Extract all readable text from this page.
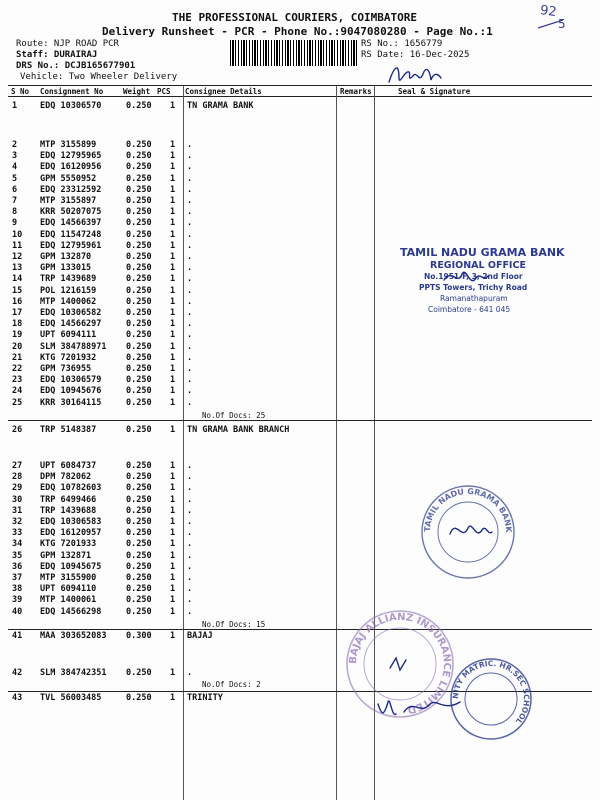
THE PROFESSIONAL COURIERS, COIMBATORE
Delivery Runsheet - PCR - Phone No.:9047080280 - Page No.:1
Route: NJP ROAD PCR
Staff: DURAIRAJ
DRS No.: DCJB165677901
Vehicle: Two Wheeler Delivery
RS No.: 1656779
RS Date: 16-Dec-2025
92
5
S No Consignment No	Weight PCS Consignee Details	Remarks	Seal & Signature
1	EDQ 10306570	0.250 1 TN GRAMA BANK
2	MTP 3155899	0.250 1 .
3	EDQ 12795965	0.250 1 .
4	EDQ 16120956	0.250 1 .
5	GPM 5550952	0.250 1 .
6	EDQ 23312592	0.250 1 .
7	MTP 3155897	0.250 1 .
8	KRR 50207075	0.250 1 .
9	EDQ 14566397	0.250 1 .
10 EDQ 11547248	0.250 1 .
11 EDQ 12795961	0.250 1 .
12 GPM 132870	0.250 1 .
13 GPM 133015	0.250 1 .
14 TRP 1439689	0.250 1 .
15 POL 1216159	0.250 1 .
16 MTP 1400062	0.250 1 .
17 EDQ 10306582	0.250 1 .
18 EDQ 14566297	0.250 1 .
19 UPT 6094111	0.250 1 .
20 SLM 384788971 0.250 1 .
21 KTG 7201932	0.250 1 .
22 GPM 736955	0.250 1 .
23 EDQ 10306579	0.250 1 .
24 EDQ 10945676	0.250 1 .
25 KRR 30164115	0.250 1 .
No.Of Docs: 25
26 TRP 5148387	0.250 1 TN GRAMA BANK BRANCH
27 UPT 6084737	0.250 1 .
28 DPM 782062	0.250 1 .
29 EDQ 10782603	0.250 1 .
30 TRP 6499466	0.250 1 .
31 TRP 1439688	0.250 1 .
32 EDQ 10306583	0.250 1 .
33 EDQ 16120957	0.250 1 .
34 KTG 7201933	0.250 1 .
35 GPM 132871	0.250 1 .
36 EDQ 10945675	0.250 1 .
37 MTP 3155900	0.250 1 .
38 UPT 6094110	0.250 1 .
39 MTP 1400061	0.250 1 .
40 EDQ 14566298	0.250 1 .
No.Of Docs: 15
41 MAA 303652083 0.300 1 BAJAJ
42 SLM 384742351 0.250 1 .
No.Of Docs: 2
43 TVL 56003485	0.250 1 TRINITY
TAMIL NADU GRAMA BANK
REGIONAL OFFICE
No.1951-F, 3, 2nd Floor
PPTS Towers, Trichy Road
Ramanathapuram
Coimbatore - 641 045
TAMIL NADU GRAMA BANK
BAJAJ ALLIANZ INSURANCE LIMITED
NITY MATRIC. HR.SEC SCHOOL
